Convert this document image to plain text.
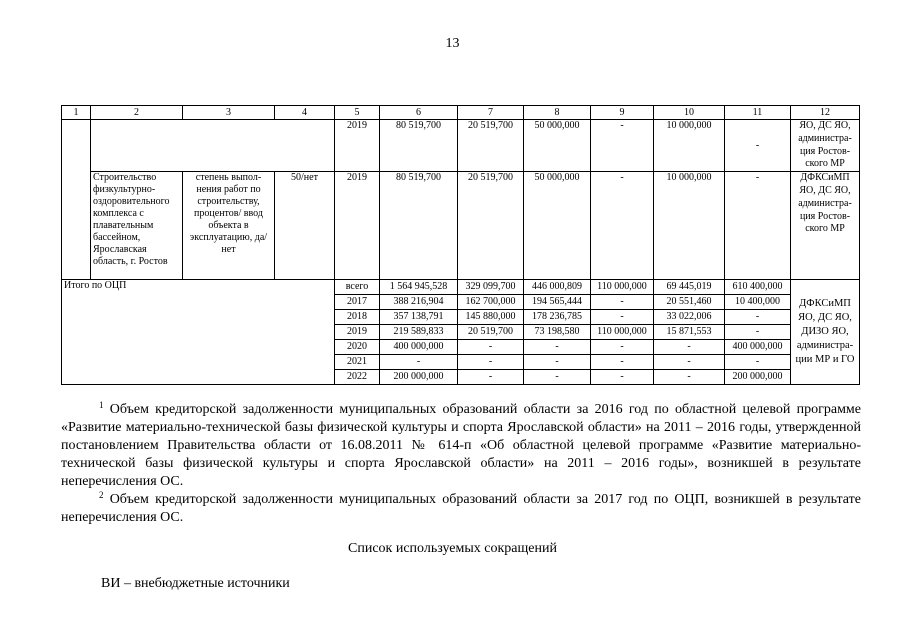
13
1	2	3	4	5	6	7	8	9	10	11	12
				2019	80 519,700	20 519,700	50 000,000	-	10 000,000	-	ЯО, ДС ЯО, администра-ция Ростов-ского МР
	Строительство физкультурно-оздоровительного комплекса с плавательным бассейном, Ярославская область, г. Ростов	степень выпол-нения работ по строительству, процентов/ ввод объекта в эксплуатацию, да/нет	50/нет	2019	80 519,700	20 519,700	50 000,000	-	10 000,000	-	ДФКСиМП ЯО, ДС ЯО, администра-ция Ростов-ского МР
Итого по ОЦП				всего	1 564 945,528	329 099,700	446 000,809	110 000,000	69 445,019	610 400,000	ДФКСиМП ЯО, ДС ЯО, ДИЗО ЯО, администра-ции МР и ГО
				2017	388 216,904	162 700,000	194 565,444	-	20 551,460	10 400,000	
				2018	357 138,791	145 880,000	178 236,785	-	33 022,006	-	
				2019	219 589,833	20 519,700	73 198,580	110 000,000	15 871,553	-	
				2020	400 000,000	-	-	-	-	400 000,000	
				2021	-	-	-	-	-	-	
				2022	200 000,000	-	-	-	-	200 000,000	

$^1$ Объем кредиторской задолженности муниципальных образований области за 2016 год по областной целевой программе «Развитие материально-технической базы физической культуры и спорта Ярославской области» на 2011 – 2016 годы, утвержденной постановлением Правительства области от 16.08.2011 № 614-п «Об областной целевой программе «Развитие материально-технической базы физической культуры и спорта Ярославской области» на 2011 – 2016 годы», возникшей в результате неперечисления ОС.

$^2$ Объем кредиторской задолженности муниципальных образований области за 2017 год по ОЦП, возникшей в результате неперечисления ОС.

Список используемых сокращений
ВИ – внебюджетные источники
